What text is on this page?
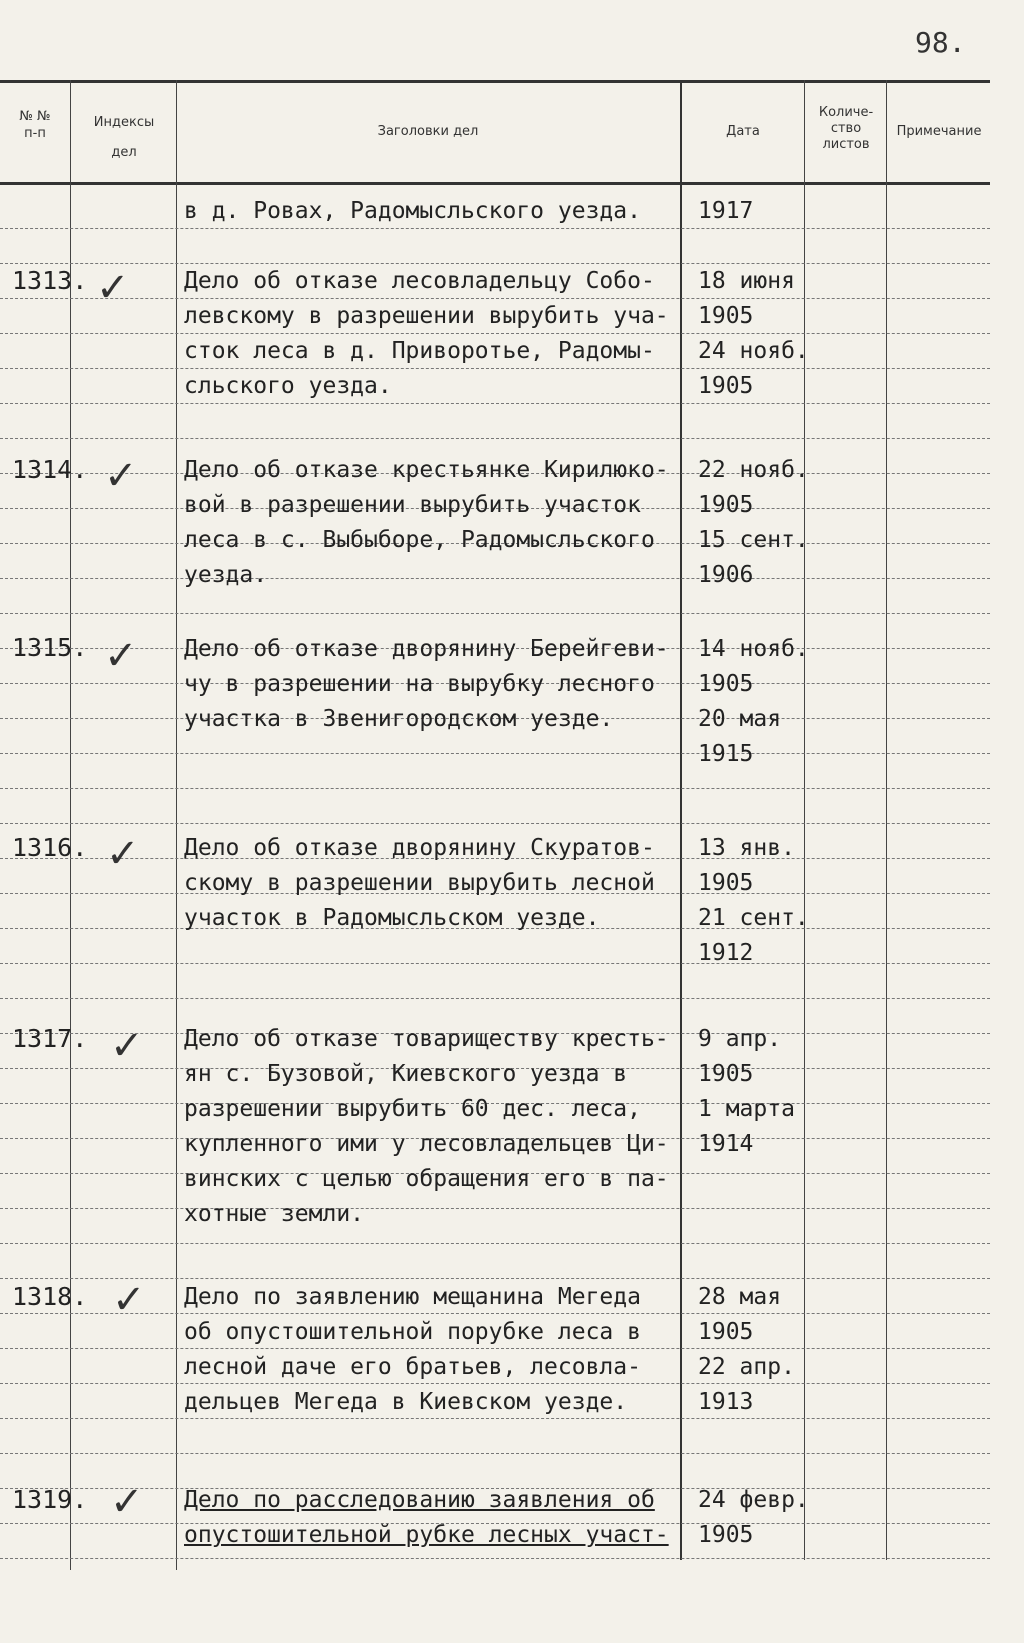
98.
№ №
п-п
Индексы
дел
Заголовки дел	Дата
Количе-
ство
листов
Примечание
в д. Ровах, Радомысльского уезда.	1917
1313. ✓ Дело об отказе лесовладельцу Собо-
левскому в разрешении вырубить уча-
сток леса в д. Приворотье, Радомы-
сльского уезда.
18 июня
1905
24 нояб.
1905
1314. ✓ Дело об отказе крестьянке Кирилюко-
вой в разрешении вырубить участок
леса в с. Выбыборе, Радомысльского
уезда.
22 нояб.
1905
15 сент.
1906
1315. ✓ Дело об отказе дворянину Берейгеви-
чу в разрешении на вырубку лесного
участка в Звенигородском уезде.
14 нояб.
1905
20 мая
1915
1316. ✓ Дело об отказе дворянину Скуратов-
скому в разрешении вырубить лесной
участок в Радомысльском уезде.
13 янв.
1905
21 сент.
1912
1317. ✓ Дело об отказе товариществу кресть-
ян с. Бузовой, Киевского уезда в
разрешении вырубить 60 дес. леса,
купленного ими у лесовладельцев Ци-
винских с целью обращения его в па-
хотные земли.
9 апр.
1905
1 марта
1914
1318. ✓ Дело по заявлению мещанина Мегеда
об опустошительной порубке леса в
лесной даче его братьев, лесовла-
дельцев Мегеда в Киевском уезде.
28 мая
1905
22 апр.
1913
1319. ✓ Дело по расследованию заявления об
опустошительной рубке лесных участ-
24 февр.
1905
